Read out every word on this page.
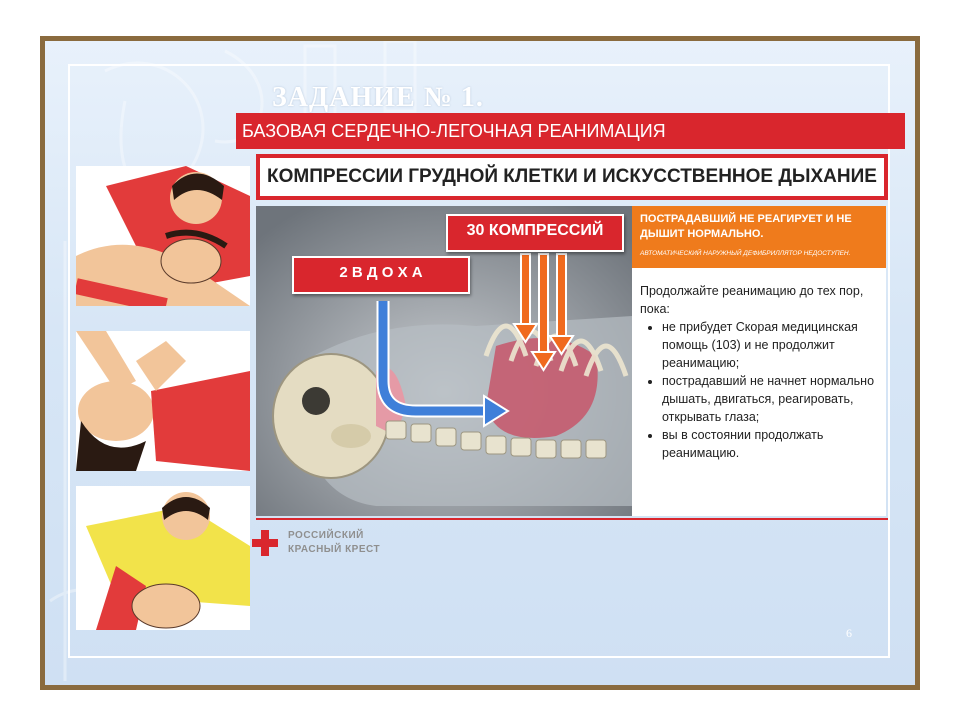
ЗАДАНИЕ № 1.
БАЗОВАЯ СЕРДЕЧНО-ЛЕГОЧНАЯ РЕАНИМАЦИЯ
КОМПРЕССИИ ГРУДНОЙ КЛЕТКИ И ИСКУССТВЕННОЕ ДЫХАНИЕ
30 КОМПРЕССИЙ
2 В Д О Х А
ПОСТРАДАВШИЙ НЕ РЕАГИРУЕТ И НЕ ДЫШИТ НОРМАЛЬНО.
АВТОМАТИЧЕСКИЙ НАРУЖНЫЙ ДЕФИБРИЛЛЯТОР НЕДОСТУПЕН.
Продолжайте реанимацию до тех пор, пока:
• не прибудет Скорая медицинская помощь (103) и не продолжит реанимацию;
• пострадавший не начнет нормально дышать, двигаться, реагировать, открывать глаза;
• вы в состоянии продолжать реанимацию.
РОССИЙСКИЙ
КРАСНЫЙ КРЕСТ
6
